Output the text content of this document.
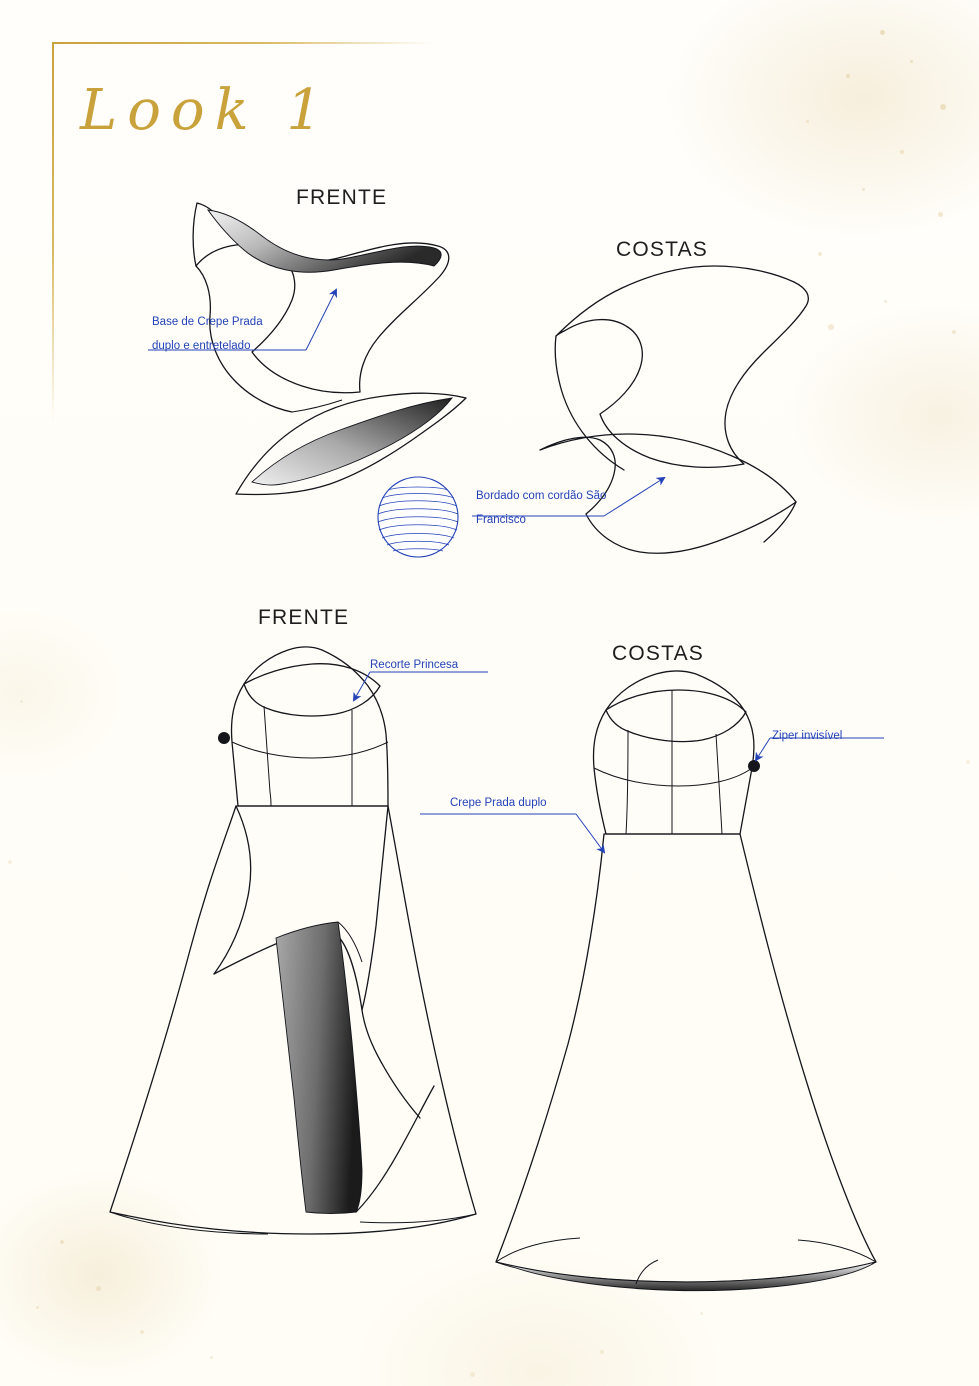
Look 1
FRENTE
COSTAS
FRENTE
COSTAS
Base de Crepe Prada
duplo e entretelado
Bordado com cordão São
Francisco
Recorte Princesa
Ziper invisível
Crepe Prada duplo
